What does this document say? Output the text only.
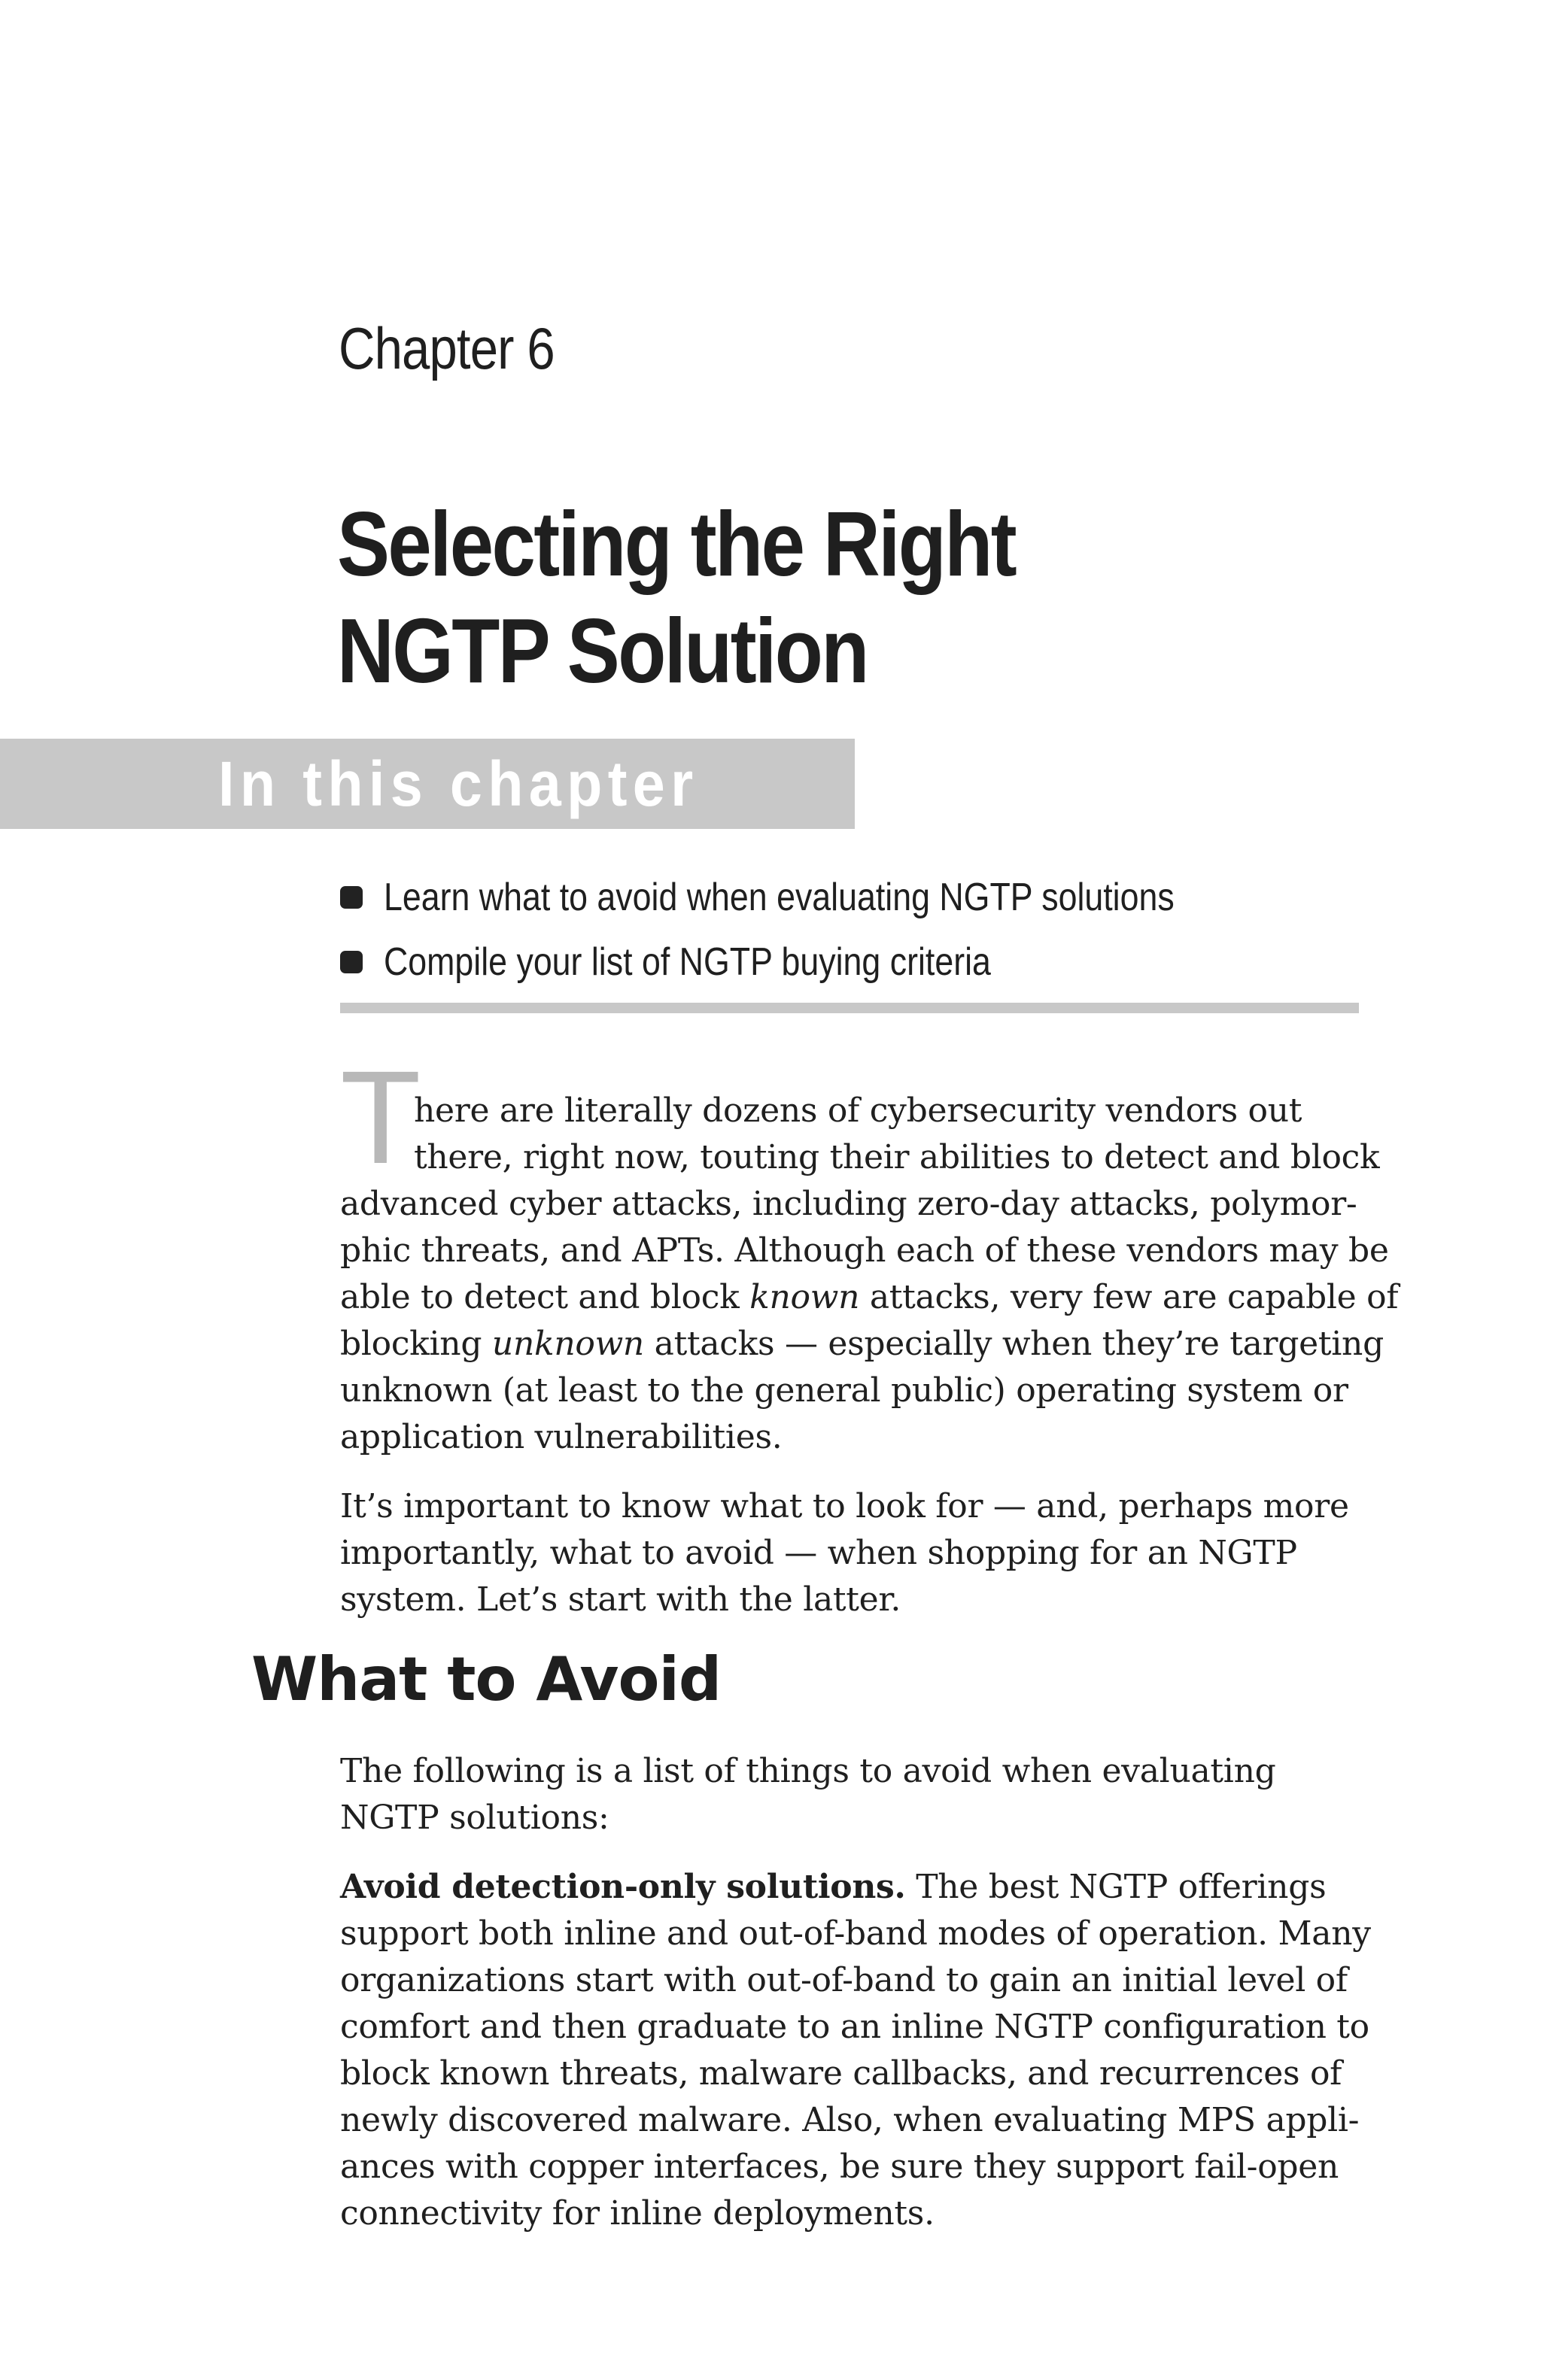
Chapter 6
Selecting the Right
NGTP Solution
In this chapter
Learn what to avoid when evaluating NGTP solutions
Compile your list of NGTP buying criteria
T
here are literally dozens of cybersecurity vendors out
there, right now, touting their abilities to detect and block
advanced cyber attacks, including zero-day attacks, polymor-
phic threats, and APTs. Although each of these vendors may be
able to detect and block known attacks, very few are capable of
blocking unknown attacks — especially when they’re targeting
unknown (at least to the general public) operating system or
application vulnerabilities.
It’s important to know what to look for — and, perhaps more
importantly, what to avoid — when shopping for an NGTP
system. Let’s start with the latter.
What to Avoid
The following is a list of things to avoid when evaluating
NGTP solutions:
Avoid detection-only solutions. The best NGTP offerings
support both inline and out-of-band modes of operation. Many
organizations start with out-of-band to gain an initial level of
comfort and then graduate to an inline NGTP configuration to
block known threats, malware callbacks, and recurrences of
newly discovered malware. Also, when evaluating MPS appli-
ances with copper interfaces, be sure they support fail-open
connectivity for inline deployments.
